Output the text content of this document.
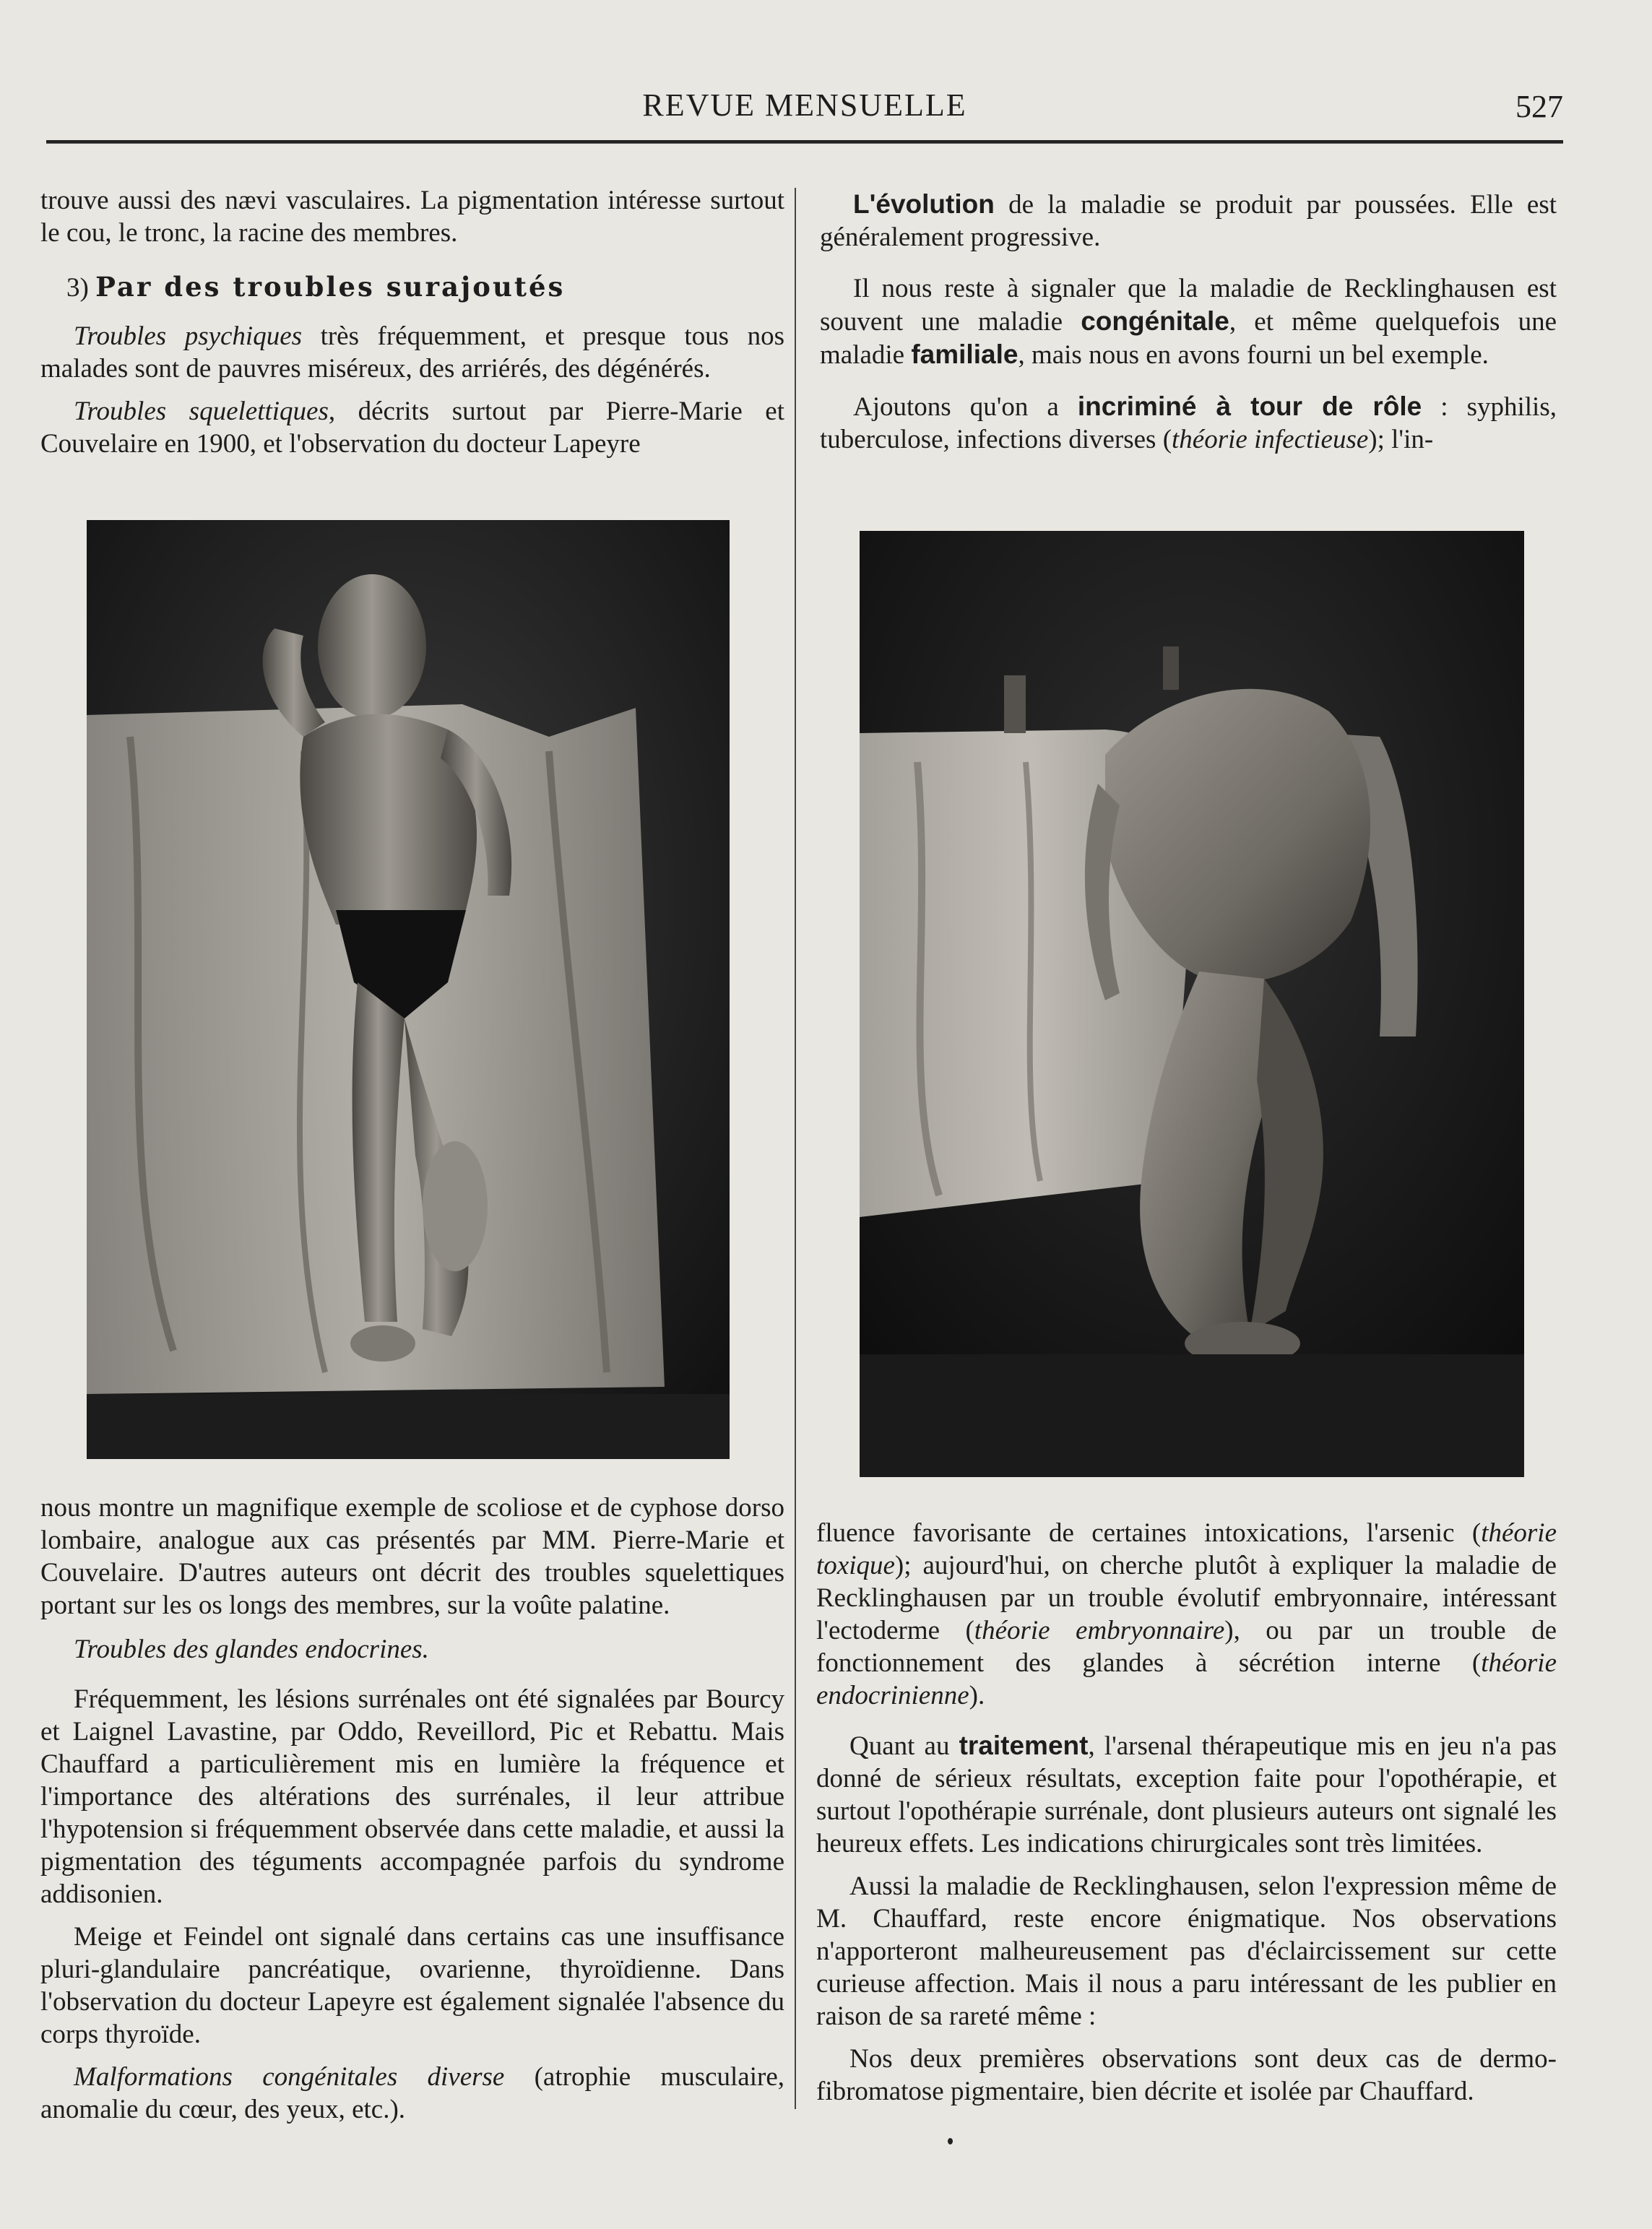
REVUE MENSUELLE	527

trouve aussi des nævi vasculaires. La pigmentation intéresse surtout le cou, le tronc, la racine des membres.

3) Par des troubles surajoutés

Troubles psychiques très fréquemment, et presque tous nos malades sont de pauvres miséreux, des arriérés, des dégénérés.

Troubles squelettiques, décrits surtout par Pierre-Marie et Couvelaire en 1900, et l'observation du docteur Lapeyre

L'évolution de la maladie se produit par poussées. Elle est généralement progressive.

Il nous reste à signaler que la maladie de Recklinghausen est souvent une maladie congénitale, et même quelquefois une maladie familiale, mais nous en avons fourni un bel exemple.

Ajoutons qu'on a incriminé à tour de rôle : syphilis, tuberculose, infections diverses (théorie infectieuse); l'in-

nous montre un magnifique exemple de scoliose et de cyphose dorso lombaire, analogue aux cas présentés par MM. Pierre-Marie et Couvelaire. D'autres auteurs ont décrit des troubles squelettiques portant sur les os longs des membres, sur la voûte palatine.

Troubles des glandes endocrines.

Fréquemment, les lésions surrénales ont été signalées par Bourcy et Laignel Lavastine, par Oddo, Reveillord, Pic et Rebattu. Mais Chauffard a particulièrement mis en lumière la fréquence et l'importance des altérations des surrénales, il leur attribue l'hypotension si fréquemment observée dans cette maladie, et aussi la pigmentation des téguments accompagnée parfois du syndrome addisonien.

Meige et Feindel ont signalé dans certains cas une insuffisance pluri-glandulaire pancréatique, ovarienne, thyroïdienne. Dans l'observation du docteur Lapeyre est également signalée l'absence du corps thyroïde.

Malformations congénitales diverse (atrophie musculaire, anomalie du cœur, des yeux, etc.).

fluence favorisante de certaines intoxications, l'arsenic (théorie toxique); aujourd'hui, on cherche plutôt à expliquer la maladie de Recklinghausen par un trouble évolutif embryonnaire, intéressant l'ectoderme (théorie embryonnaire), ou par un trouble de fonctionnement des glandes à sécrétion interne (théorie endocrinienne).

Quant au traitement, l'arsenal thérapeutique mis en jeu n'a pas donné de sérieux résultats, exception faite pour l'opothérapie, et surtout l'opothérapie surrénale, dont plusieurs auteurs ont signalé les heureux effets. Les indications chirurgicales sont très limitées.

Aussi la maladie de Recklinghausen, selon l'expression même de M. Chauffard, reste encore énigmatique. Nos observations n'apporteront malheureusement pas d'éclaircissement sur cette curieuse affection. Mais il nous a paru intéressant de les publier en raison de sa rareté même :

Nos deux premières observations sont deux cas de dermo-fibromatose pigmentaire, bien décrite et isolée par Chauffard.
